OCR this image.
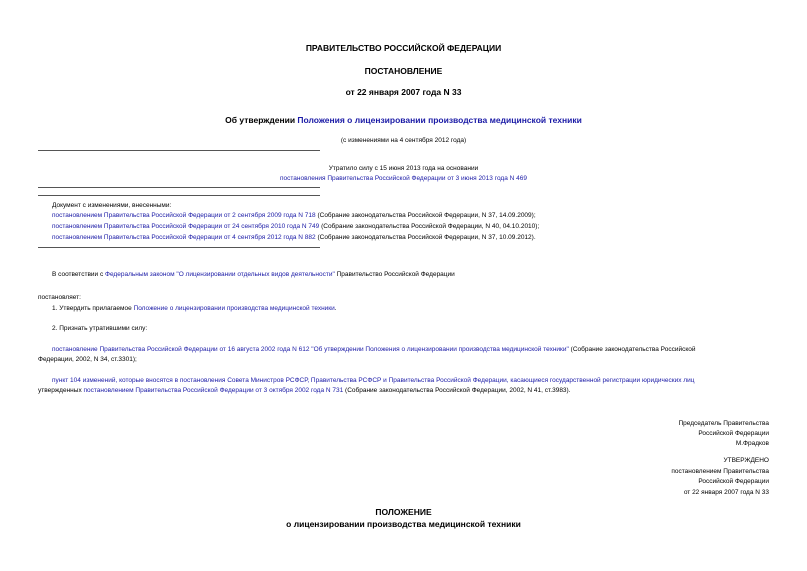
ПРАВИТЕЛЬСТВО РОССИЙСКОЙ ФЕДЕРАЦИИ
ПОСТАНОВЛЕНИЕ
от 22 января 2007 года N 33
Об утверждении Положения о лицензировании производства медицинской техники
(с изменениями на 4 сентября 2012 года)
Утратило силу с 15 июня 2013 года на основании
постановления Правительства Российской Федерации от 3 июня 2013 года N 469
Документ с изменениями, внесенными:
постановлением Правительства Российской Федерации от 2 сентября 2009 года N 718 (Собрание законодательства Российской Федерации, N 37, 14.09.2009);
постановлением Правительства Российской Федерации от 24 сентября 2010 года N 749 (Собрание законодательства Российской Федерации, N 40, 04.10.2010);
постановлением Правительства Российской Федерации от 4 сентября 2012 года N 882 (Собрание законодательства Российской Федерации, N 37, 10.09.2012).
В соответствии с Федеральным законом "О лицензировании отдельных видов деятельности" Правительство Российской Федерации
постановляет:
1. Утвердить прилагаемое Положение о лицензировании производства медицинской техники.
2. Признать утратившими силу:
постановление Правительства Российской Федерации от 16 августа 2002 года N 612 "Об утверждении Положения о лицензировании производства медицинской техники" (Собрание законодательства Российской
Федерации, 2002, N 34, ст.3301);
пункт 104 изменений, которые вносятся в постановления Совета Министров РСФСР, Правительства РСФСР и Правительства Российской Федерации, касающиеся государственной регистрации юридических лиц
утвержденных постановлением Правительства Российской Федерации от 3 октября 2002 года N 731 (Собрание законодательства Российской Федерации, 2002, N 41, ст.3983).
Председатель Правительства
Российской Федерации
М.Фрадков
УТВЕРЖДЕНО
постановлением Правительства
Российской Федерации
от 22 января 2007 года N 33
ПОЛОЖЕНИЕ
о лицензировании производства медицинской техники
